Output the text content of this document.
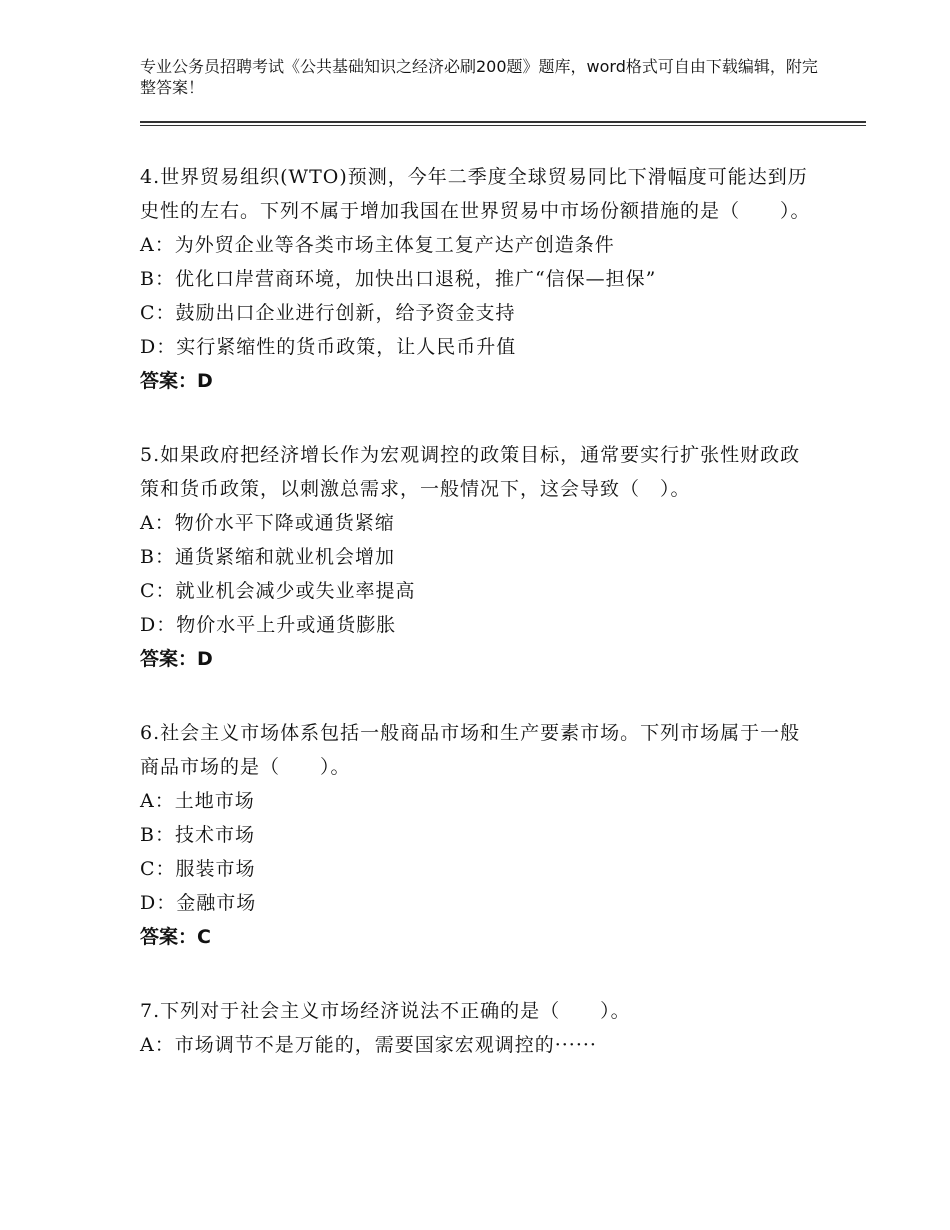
专业公务员招聘考试《公共基础知识之经济必刷200题》题库，word格式可自由下载编辑，附完整答案！
4.世界贸易组织(WTO)预测，今年二季度全球贸易同比下滑幅度可能达到历史性的左右。下列不属于增加我国在世界贸易中市场份额措施的是（　　）。
A：为外贸企业等各类市场主体复工复产达产创造条件
B：优化口岸营商环境，加快出口退税，推广“信保—担保”
C：鼓励出口企业进行创新，给予资金支持
D：实行紧缩性的货币政策，让人民币升值
答案：D
5.如果政府把经济增长作为宏观调控的政策目标，通常要实行扩张性财政政策和货币政策，以刺激总需求，一般情况下，这会导致（　）。
A：物价水平下降或通货紧缩
B：通货紧缩和就业机会增加
C：就业机会减少或失业率提高
D：物价水平上升或通货膨胀
答案：D
6.社会主义市场体系包括一般商品市场和生产要素市场。下列市场属于一般商品市场的是（　　）。
A：土地市场
B：技术市场
C：服装市场
D：金融市场
答案：C
7.下列对于社会主义市场经济说法不正确的是（　　）。
A：市场调节不是万能的，需要国家宏观调控的······
